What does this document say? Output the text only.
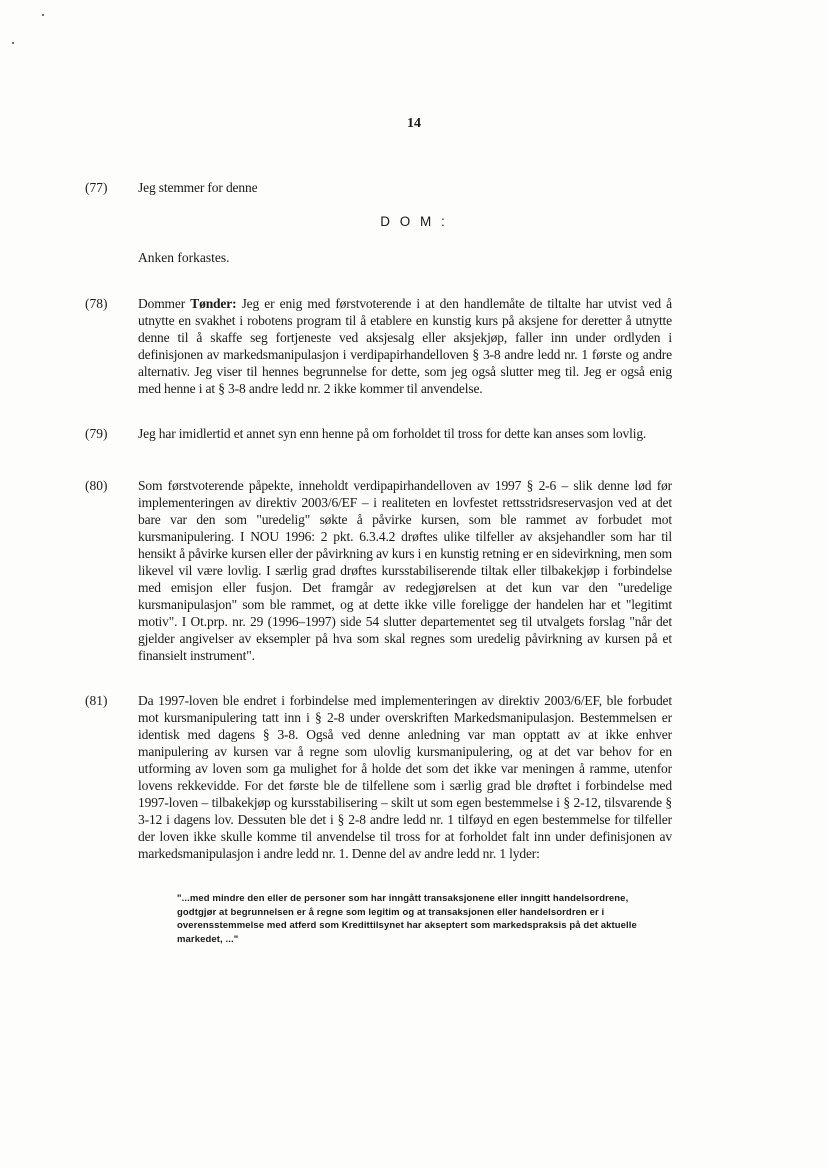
14
(77) Jeg stemmer for denne
D O M :
Anken forkastes.
(78) Dommer Tønder: Jeg er enig med førstvoterende i at den handlemåte de tiltalte har utvist ved å utnytte en svakhet i robotens program til å etablere en kunstig kurs på aksjene for deretter å utnytte denne til å skaffe seg fortjeneste ved aksjesalg eller aksjekjøp, faller inn under ordlyden i definisjonen av markedsmanipulasjon i verdipapirhandelloven § 3-8 andre ledd nr. 1 første og andre alternativ. Jeg viser til hennes begrunnelse for dette, som jeg også slutter meg til. Jeg er også enig med henne i at § 3-8 andre ledd nr. 2 ikke kommer til anvendelse.
(79) Jeg har imidlertid et annet syn enn henne på om forholdet til tross for dette kan anses som lovlig.
(80) Som førstvoterende påpekte, inneholdt verdipapirhandelloven av 1997 § 2-6 – slik denne lød før implementeringen av direktiv 2003/6/EF – i realiteten en lovfestet rettsstridsreservasjon ved at det bare var den som "uredelig" søkte å påvirke kursen, som ble rammet av forbudet mot kursmanipulering. I NOU 1996: 2 pkt. 6.3.4.2 drøftes ulike tilfeller av aksjehandler som har til hensikt å påvirke kursen eller der påvirkning av kurs i en kunstig retning er en sidevirkning, men som likevel vil være lovlig. I særlig grad drøftes kursstabiliserende tiltak eller tilbakekjøp i forbindelse med emisjon eller fusjon. Det framgår av redegjørelsen at det kun var den "uredelige kursmanipulasjon" som ble rammet, og at dette ikke ville foreligge der handelen har et "legitimt motiv". I Ot.prp. nr. 29 (1996–1997) side 54 slutter departementet seg til utvalgets forslag "når det gjelder angivelser av eksempler på hva som skal regnes som uredelig påvirkning av kursen på et finansielt instrument".
(81) Da 1997-loven ble endret i forbindelse med implementeringen av direktiv 2003/6/EF, ble forbudet mot kursmanipulering tatt inn i § 2-8 under overskriften Markedsmanipulasjon. Bestemmelsen er identisk med dagens § 3-8. Også ved denne anledning var man opptatt av at ikke enhver manipulering av kursen var å regne som ulovlig kursmanipulering, og at det var behov for en utforming av loven som ga mulighet for å holde det som det ikke var meningen å ramme, utenfor lovens rekkevidde. For det første ble de tilfellene som i særlig grad ble drøftet i forbindelse med 1997-loven – tilbakekjøp og kursstabilisering – skilt ut som egen bestemmelse i § 2-12, tilsvarende § 3-12 i dagens lov. Dessuten ble det i § 2-8 andre ledd nr. 1 tilføyd en egen bestemmelse for tilfeller der loven ikke skulle komme til anvendelse til tross for at forholdet falt inn under definisjonen av markedsmanipulasjon i andre ledd nr. 1. Denne del av andre ledd nr. 1 lyder:
"...med mindre den eller de personer som har inngått transaksjonene eller inngitt handelsordrene, godtgjør at begrunnelsen er å regne som legitim og at transaksjonen eller handelsordren er i overensstemmelse med atferd som Kredittilsynet har akseptert som markedspraksis på det aktuelle markedet, ..."
